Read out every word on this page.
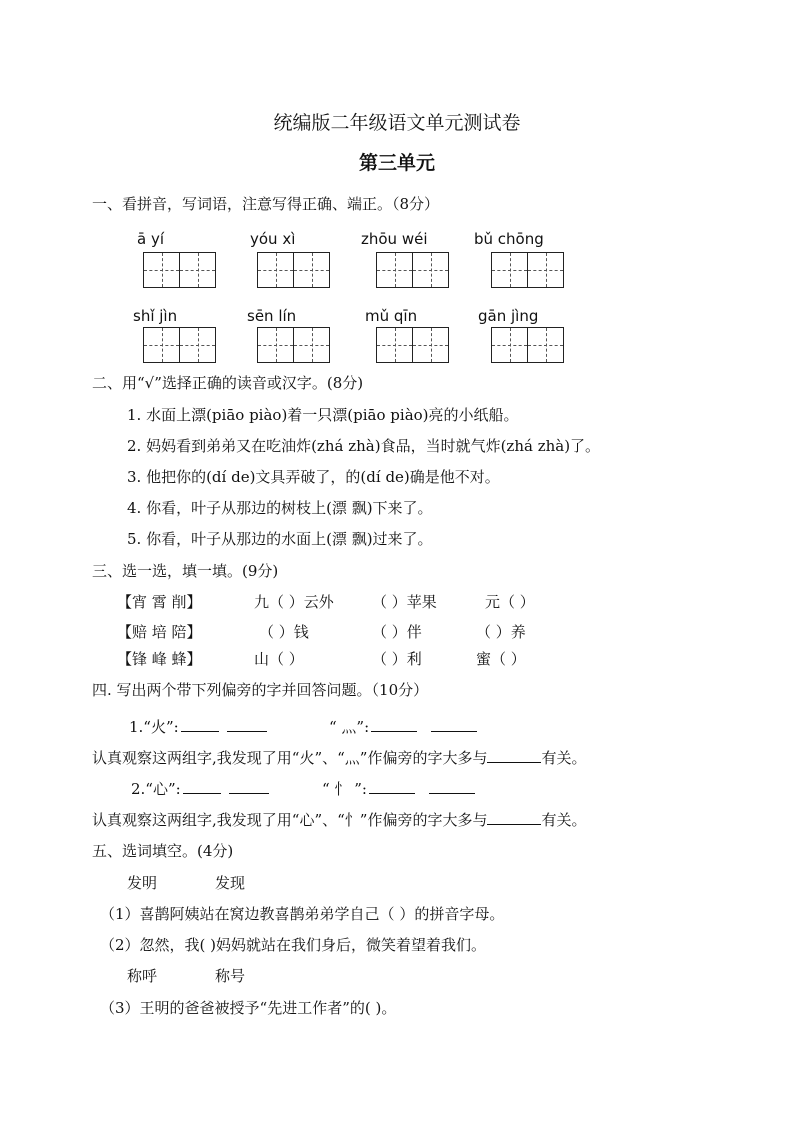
统编版二年级语文单元测试卷
第三单元
一、看拼音，写词语，注意写得正确、端正。（8分）
ā yí	yóu xì	zhōu wéi	bǔ chōng
shǐ jìn	sēn lín	mǔ qīn	gān jìng
二、用“√”选择正确的读音或汉字。(8分)
1. 水面上漂(piāo piào)着一只漂(piāo piào)亮的小纸船。
2. 妈妈看到弟弟又在吃油炸(zhá zhà)食品，当时就气炸(zhá zhà)了。
3. 他把你的(dí de)文具弄破了，的(dí de)确是他不对。
4. 你看，叶子从那边的树枝上(漂 飘)下来了。
5. 你看，叶子从那边的水面上(漂 飘)过来了。
三、选一选，填一填。(9分)
【宵 霄 削】	九（ ）云外	（ ）苹果	元（ ）
【赔 培 陪】	（ ）钱	（ ）伴	（ ）养
【锋 峰 蜂】	山（ ）	（ ）利	蜜（ ）
四. 写出两个带下列偏旁的字并回答问题。（10分）
1.“火”:	“ 灬”:
认真观察这两组字,我发现了用“火”、“灬”作偏旁的字大多与	有关。
2.“心”:	“ 忄 ”:
认真观察这两组字,我发现了用“心”、“忄”作偏旁的字大多与	有关。
五、选词填空。(4分)
发明	发现
（1）喜鹊阿姨站在窝边教喜鹊弟弟学自己（ ）的拼音字母。
（2）忽然，我( )妈妈就站在我们身后，微笑着望着我们。
称呼	称号
（3）王明的爸爸被授予“先进工作者”的( )。
